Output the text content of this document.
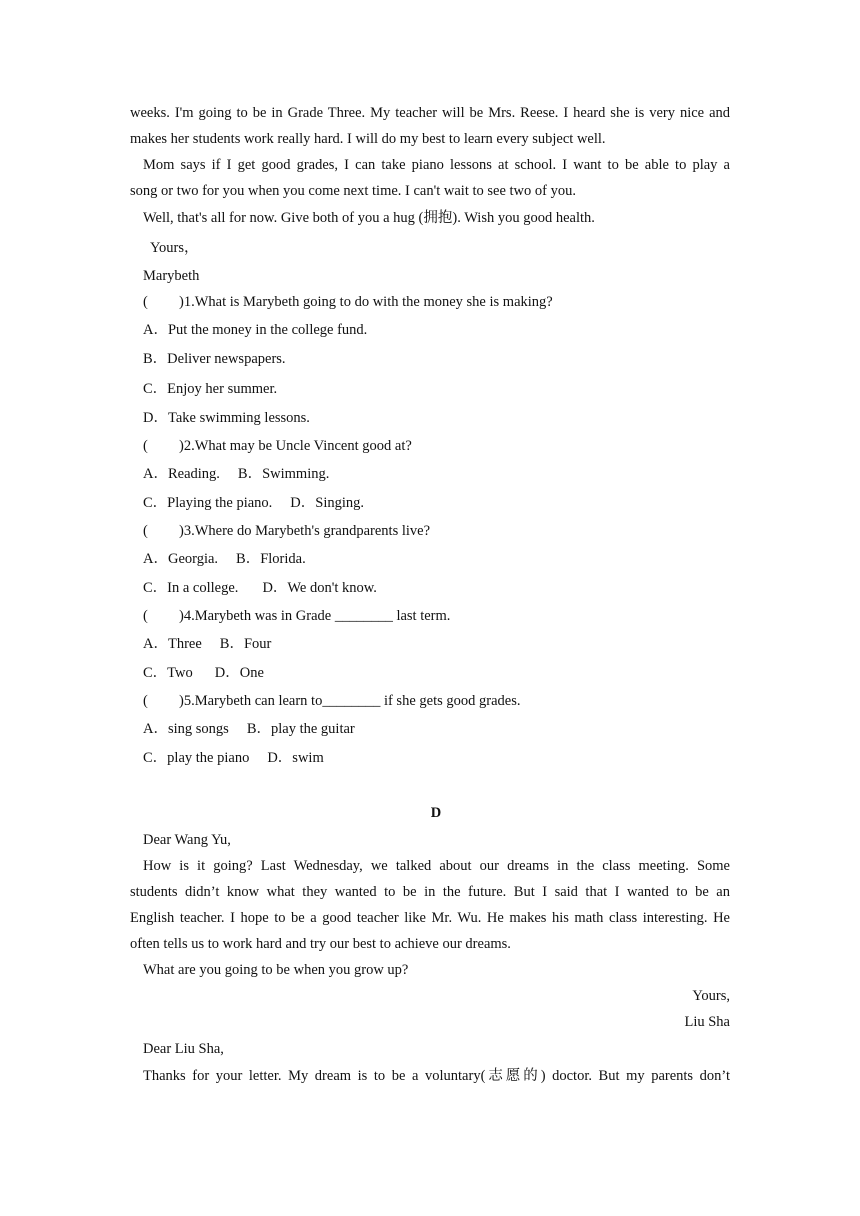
weeks. I'm going to be in Grade Three. My teacher will be Mrs. Reese. I heard she is very nice and
makes her students work really hard. I will do my best to learn every subject well.
Mom says if I get good grades, I can take piano lessons at school. I want to be able to play a
song or two for you when you come next time. I can't wait to see two of you.
Well, that's all for now. Give both of you a hug (拥抱). Wish you good health.
Yours，
Marybeth
( )1.What is Marybeth going to do with the money she is making?
A．Put the money in the college fund.
B．Deliver newspapers.
C．Enjoy her summer.
D．Take swimming lessons.
( )2.What may be Uncle Vincent good at?
A．Reading. B．Swimming.
C．Playing the piano. D．Singing.
( )3.Where do Marybeth's grandparents live?
A．Georgia. B．Florida.
C．In a college. D．We don't know.
( )4.Marybeth was in Grade ________ last term.
A．Three B．Four
C．Two D．One
( )5.Marybeth can learn to________ if she gets good grades.
A．sing songs B．play the guitar
C．play the piano D．swim
D
Dear Wang Yu,
How is it going? Last Wednesday, we talked about our dreams in the class meeting. Some
students didn’t know what they wanted to be in the future. But I said that I wanted to be an
English teacher. I hope to be a good teacher like Mr. Wu. He makes his math class interesting. He
often tells us to work hard and try our best to achieve our dreams.
What are you going to be when you grow up?
Yours,
Liu Sha
Dear Liu Sha,
Thanks for your letter. My dream is to be a voluntary(志愿的) doctor. But my parents don’t
